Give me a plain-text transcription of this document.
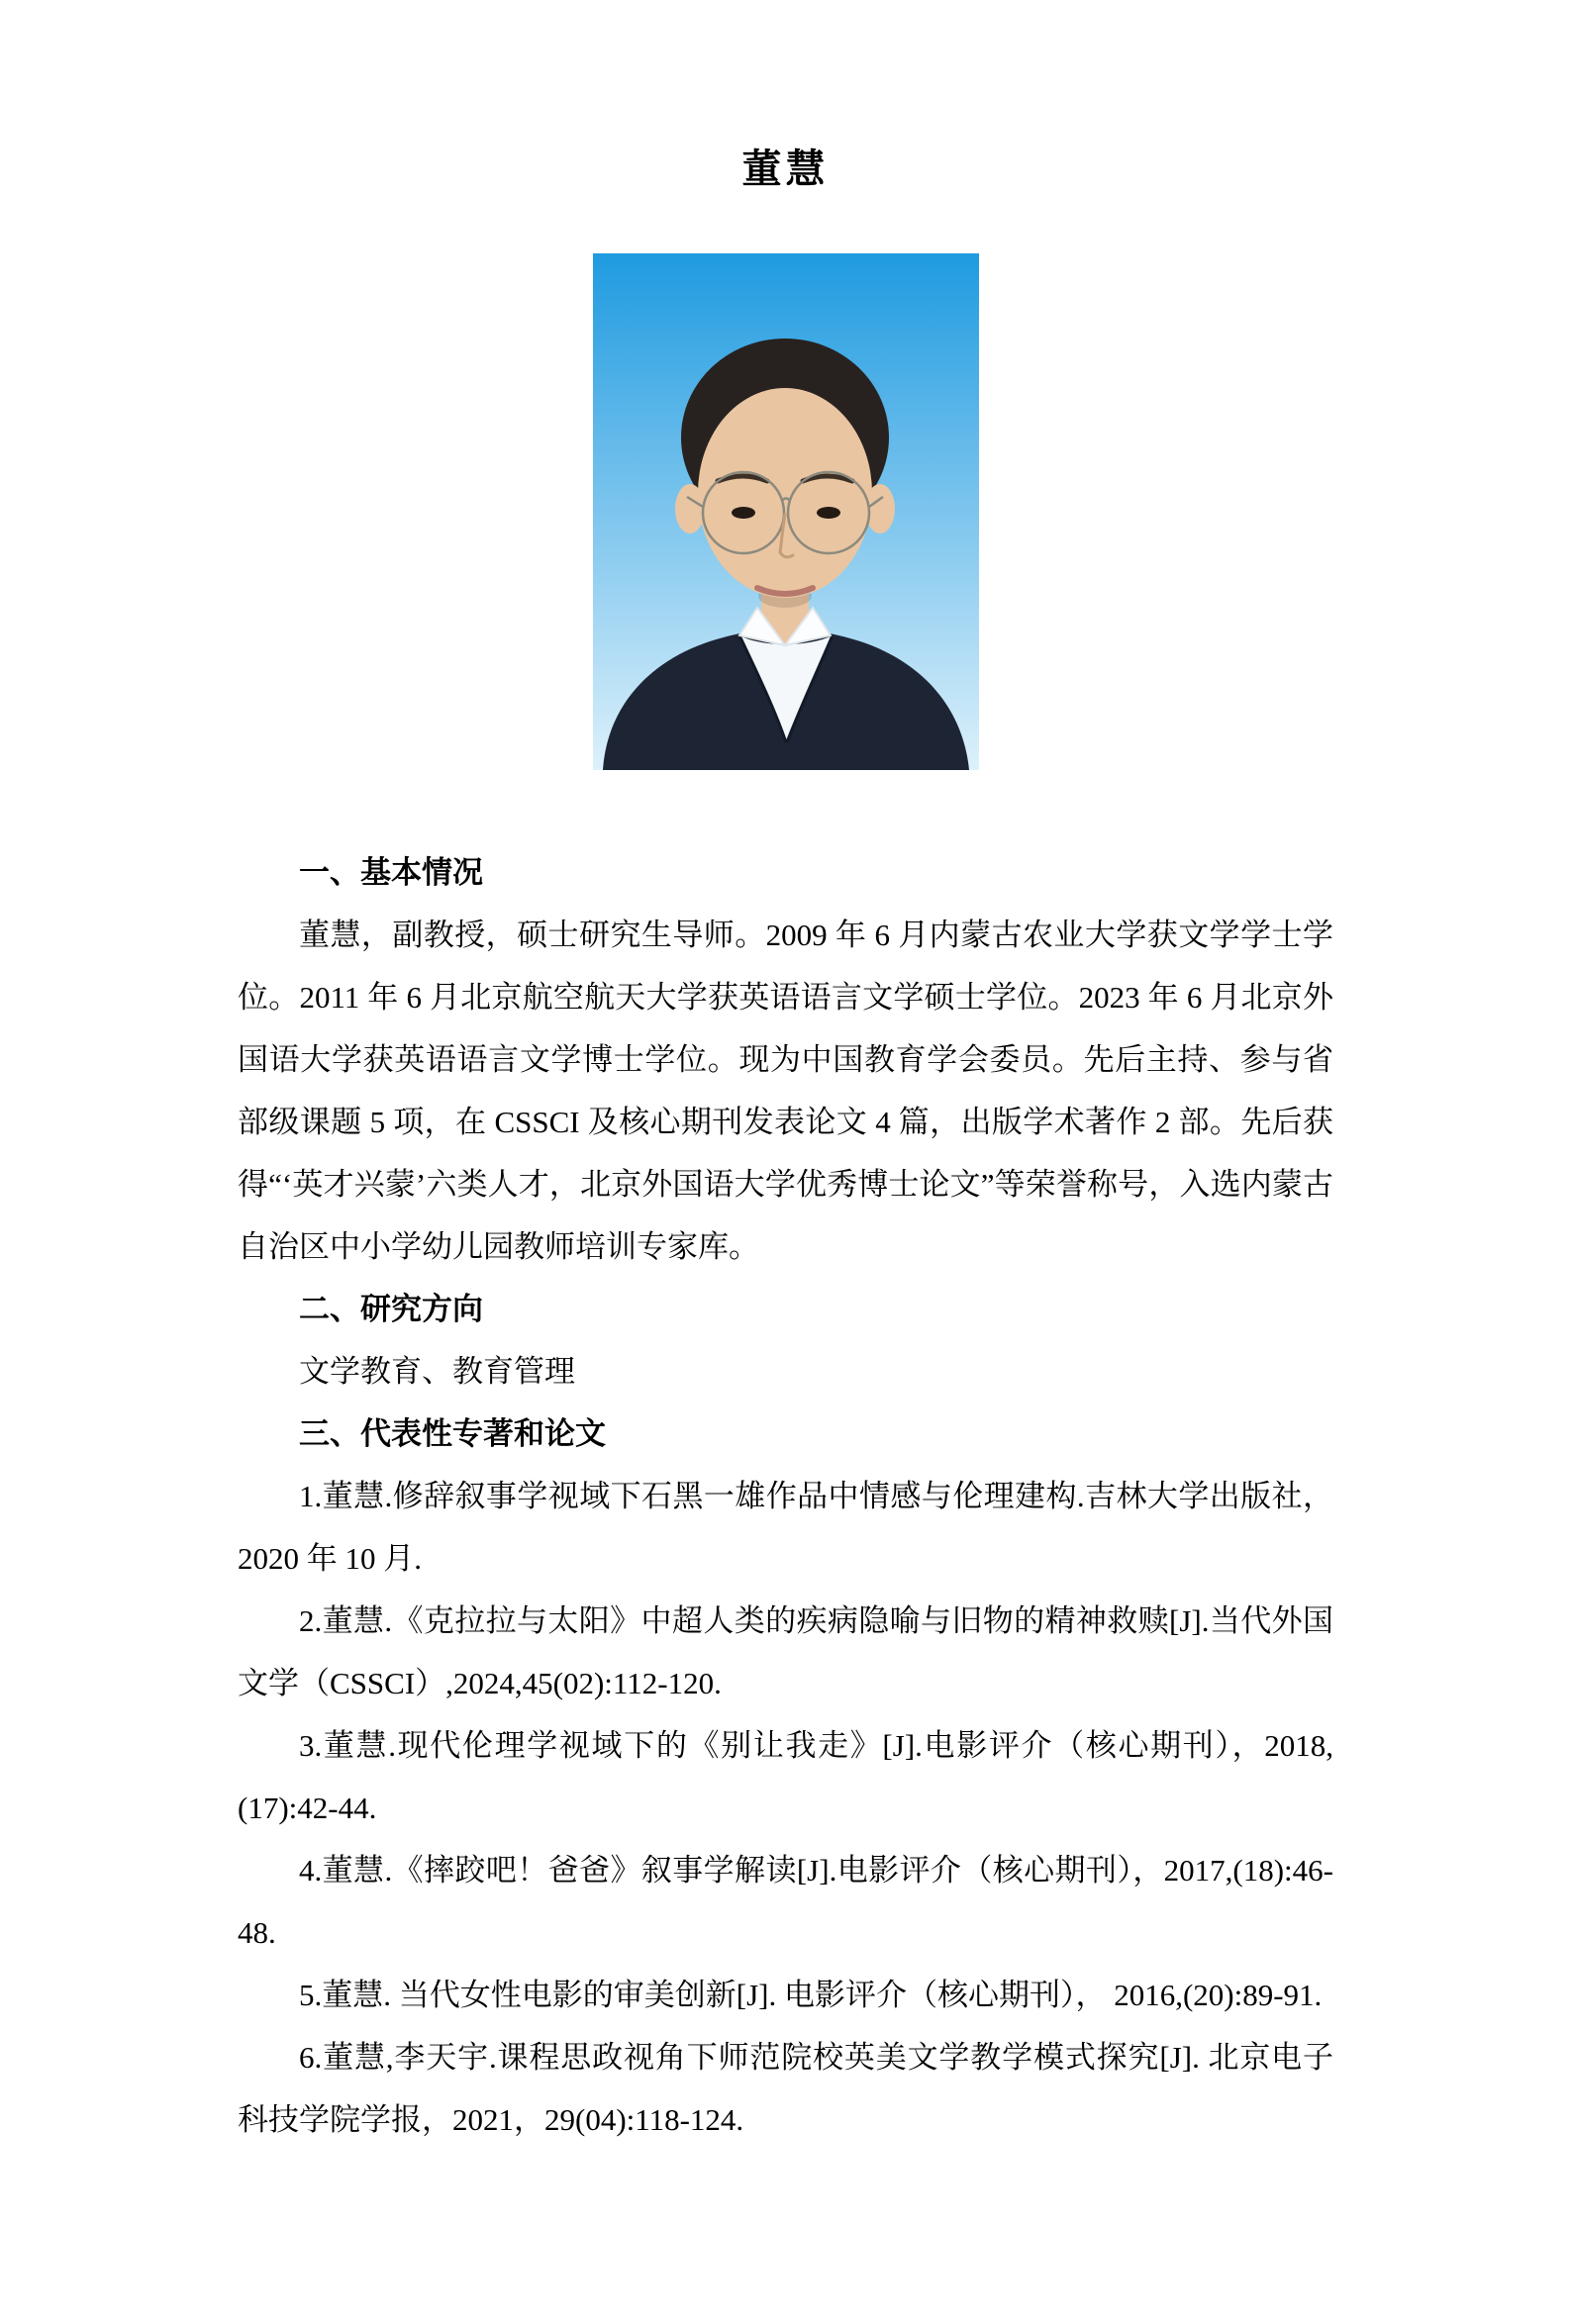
董慧
一、基本情况

董慧，副教授，硕士研究生导师。2009 年 6 月内蒙古农业大学获文学学士学位。2011 年 6 月北京航空航天大学获英语语言文学硕士学位。2023 年 6 月北京外国语大学获英语语言文学博士学位。现为中国教育学会委员。先后主持、参与省部级课题 5 项，在 CSSCI 及核心期刊发表论文 4 篇，出版学术著作 2 部。先后获得“‘英才兴蒙’六类人才，北京外国语大学优秀博士论文”等荣誉称号，入选内蒙古自治区中小学幼儿园教师培训专家库。

二、研究方向

文学教育、教育管理

三、代表性专著和论文

1.董慧.修辞叙事学视域下石黑一雄作品中情感与伦理建构.吉林大学出版社，2020 年 10 月.

2.董慧.《克拉拉与太阳》中超人类的疾病隐喻与旧物的精神救赎[J].当代外国文学（CSSCI）,2024,45(02):112-120.

3.董慧.现代伦理学视域下的《别让我走》[J].电影评介（核心期刊），2018,(17):42-44.

4.董慧.《摔跤吧！爸爸》叙事学解读[J].电影评介（核心期刊），2017,(18):46-48.

5.董慧. 当代女性电影的审美创新[J]. 电影评介（核心期刊）， 2016,(20):89-91.

6.董慧,李天宇.课程思政视角下师范院校英美文学教学模式探究[J]. 北京电子科技学院学报，2021，29(04):118-124.
